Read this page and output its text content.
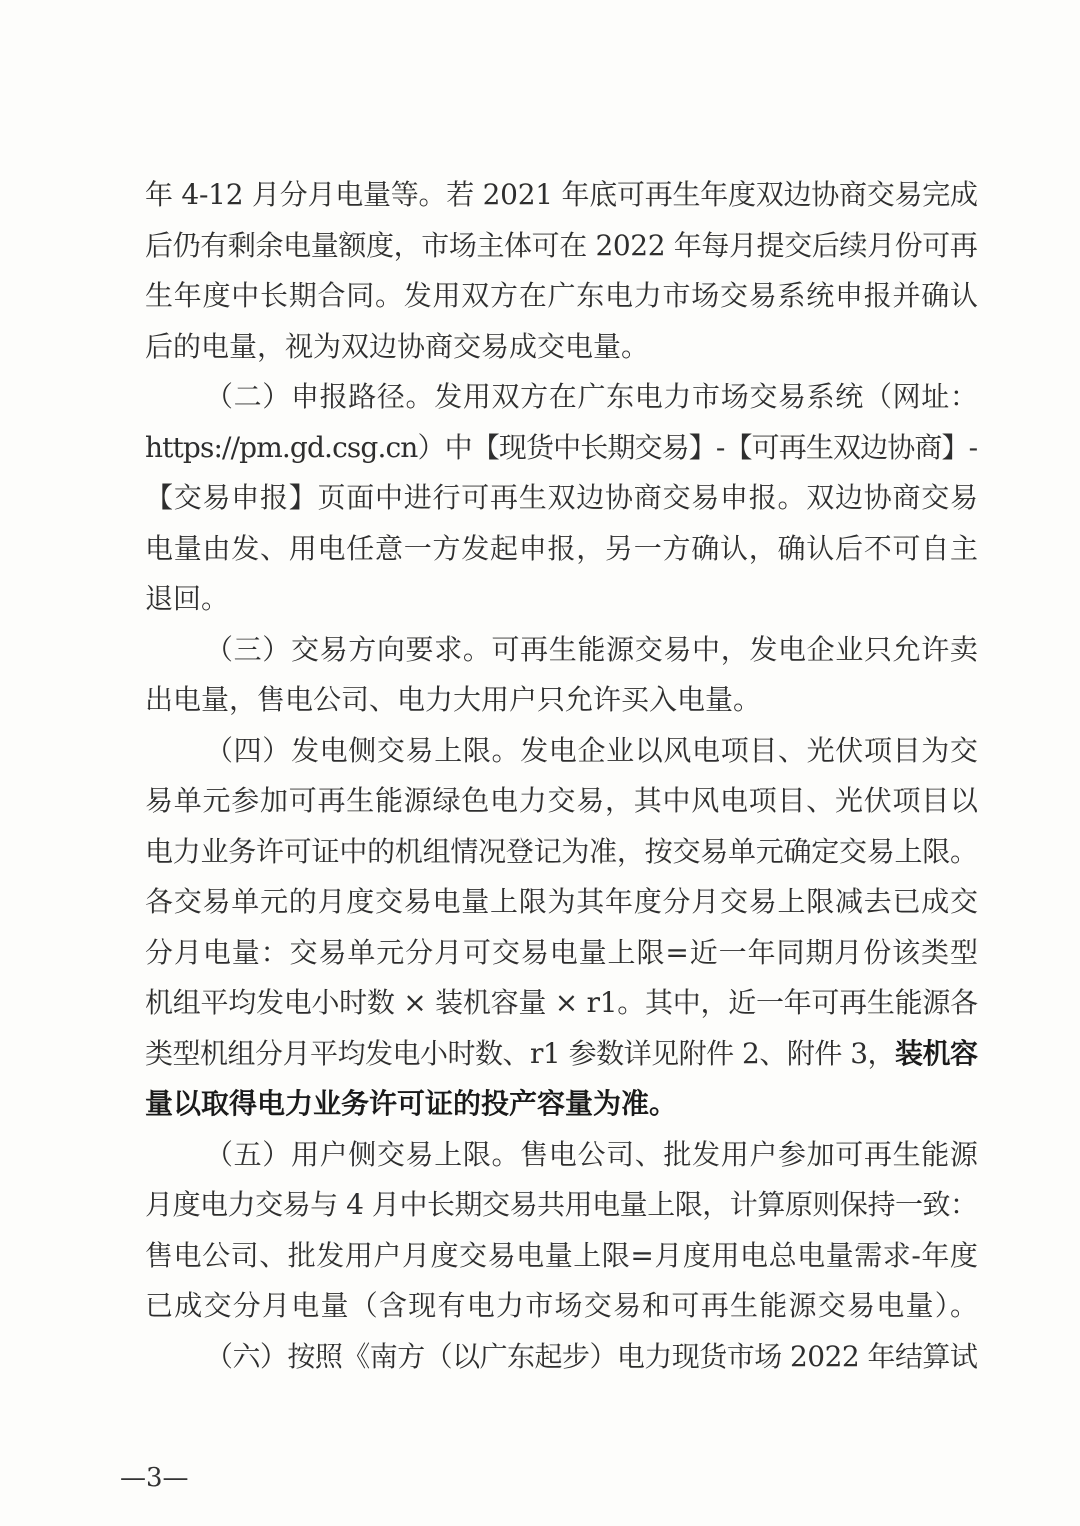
年 4-12 月分月电量等。若 2021 年底可再生年度双边协商交易完成
后仍有剩余电量额度，市场主体可在 2022 年每月提交后续月份可再
生年度中长期合同。发用双方在广东电力市场交易系统申报并确认
后的电量，视为双边协商交易成交电量。
（二）申报路径。发用双方在广东电力市场交易系统（网址：
https://pm.gd.csg.cn）中【现货中长期交易】-【可再生双边协商】-
【交易申报】页面中进行可再生双边协商交易申报。双边协商交易
电量由发、用电任意一方发起申报，另一方确认，确认后不可自主
退回。
（三）交易方向要求。可再生能源交易中，发电企业只允许卖
出电量，售电公司、电力大用户只允许买入电量。
（四）发电侧交易上限。发电企业以风电项目、光伏项目为交
易单元参加可再生能源绿色电力交易，其中风电项目、光伏项目以
电力业务许可证中的机组情况登记为准，按交易单元确定交易上限。
各交易单元的月度交易电量上限为其年度分月交易上限减去已成交
分月电量：交易单元分月可交易电量上限=近一年同期月份该类型
机组平均发电小时数 × 装机容量 × r1。其中，近一年可再生能源各
类型机组分月平均发电小时数、r1 参数详见附件 2、附件 3，装机容
量以取得电力业务许可证的投产容量为准。
（五）用户侧交易上限。售电公司、批发用户参加可再生能源
月度电力交易与 4 月中长期交易共用电量上限，计算原则保持一致：
售电公司、批发用户月度交易电量上限=月度用电总电量需求-年度
已成交分月电量（含现有电力市场交易和可再生能源交易电量）。
（六）按照《南方（以广东起步）电力现货市场 2022 年结算试
—3—
